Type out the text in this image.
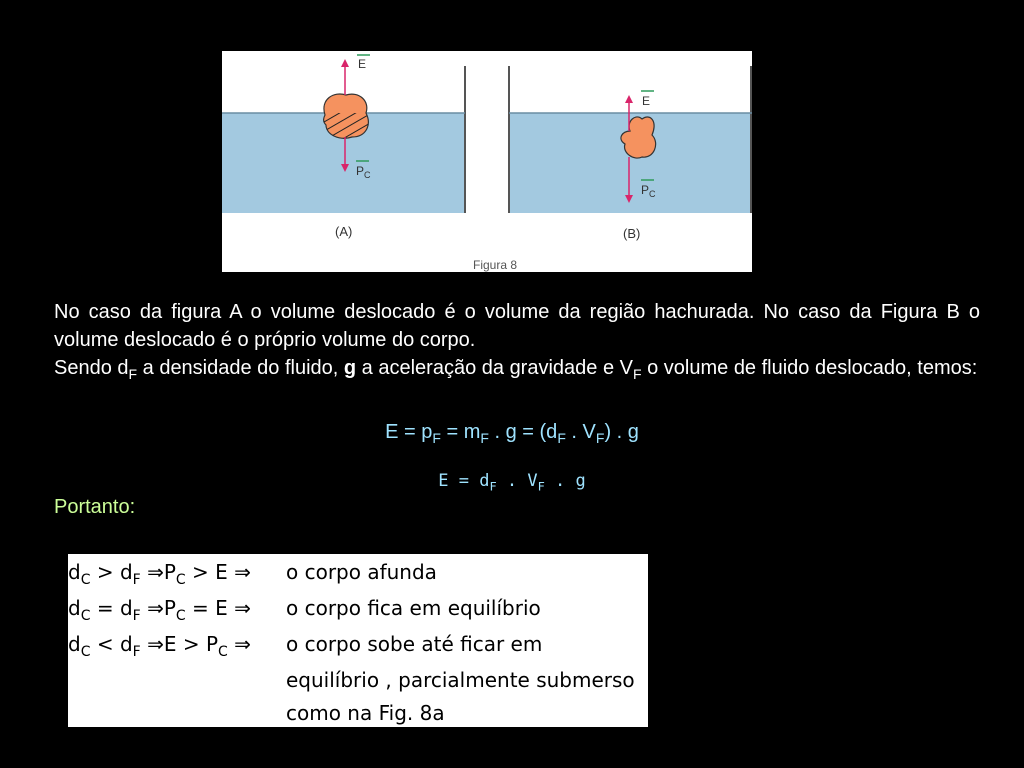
E
$P_C$
E
$P_C$
(A)	(B)
Figura 8

No caso da figura A o volume deslocado é o volume da região hachurada. No caso da Figura B o volume deslocado é o próprio volume do corpo.

Sendo $d_F$ a densidade do fluido, g a aceleração da gravidade e $V_F$ o volume de fluido deslocado, temos:

$E = p_F = m_F$ . $g = (d_F$ . $V_F$) . g
$E = d_F$ . $V_F$ . g
Portanto:
$d_C > d_F$ $\Rightarrow P_C > E$ ⇒ o corpo afunda
$d_C = d_F$ $\Rightarrow P_C = E$ ⇒ o corpo fica em equilíbrio
$d_C < d_F$ ⇒E > $P_C$ ⇒ o corpo sobe até ficar em
equilíbrio , parcialmente submerso
como na Fig. 8a
